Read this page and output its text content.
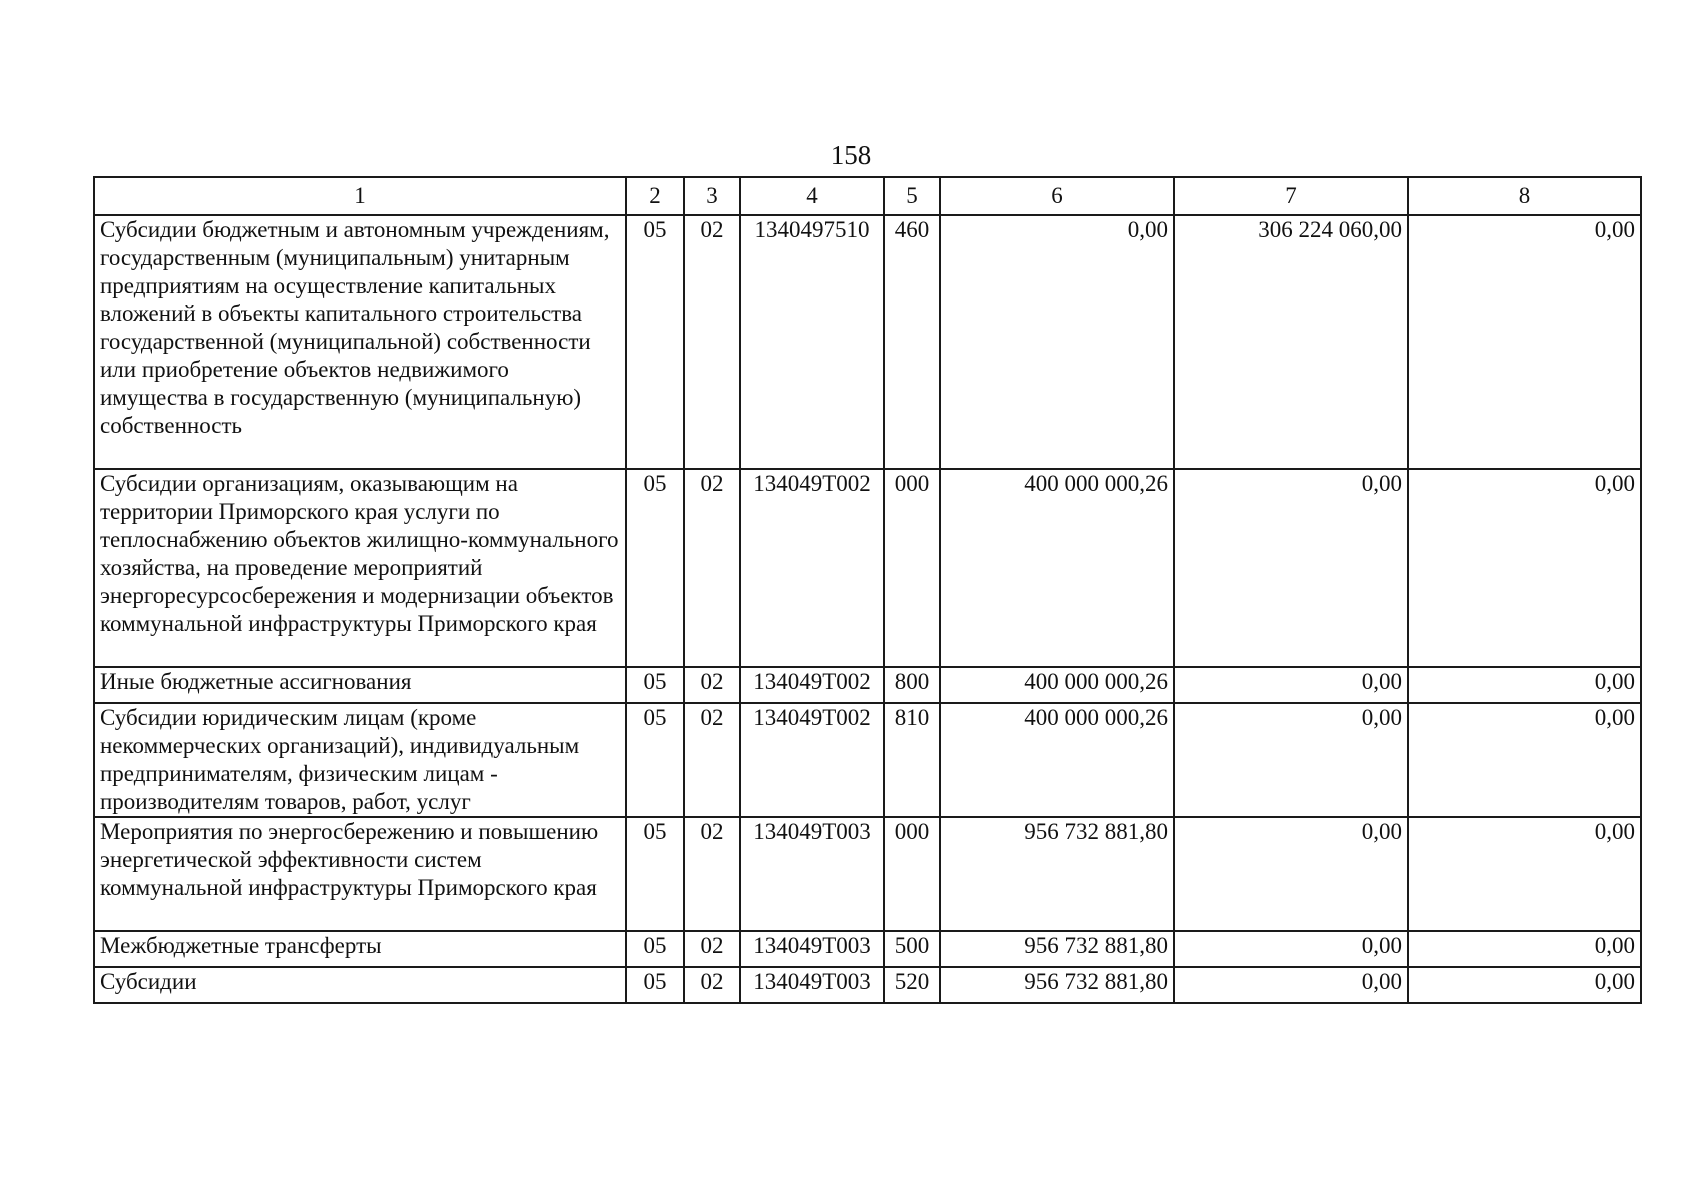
158
1	2	3	4	5	6	7	8
Субсидии бюджетным и автономным учреждениям, государственным (муниципальным) унитарным предприятиям на осуществление капитальных вложений в объекты капитального строительства государственной (муниципальной) собственности или приобретение объектов недвижимого имущества в государственную (муниципальную) собственность	05	02	1340497510	460	0,00	306 224 060,00	0,00
Субсидии организациям, оказывающим на территории Приморского края услуги по теплоснабжению объектов жилищно-коммунального хозяйства, на проведение мероприятий энергоресурсосбережения и модернизации объектов коммунальной инфраструктуры Приморского края	05	02	134049Т002	000	400 000 000,26	0,00	0,00
Иные бюджетные ассигнования	05	02	134049Т002	800	400 000 000,26	0,00	0,00
Субсидии юридическим лицам (кроме некоммерческих организаций), индивидуальным предпринимателям, физическим лицам - производителям товаров, работ, услуг	05	02	134049Т002	810	400 000 000,26	0,00	0,00
Мероприятия по энергосбережению и повышению энергетической эффективности систем коммунальной инфраструктуры Приморского края	05	02	134049Т003	000	956 732 881,80	0,00	0,00
Межбюджетные трансферты	05	02	134049Т003	500	956 732 881,80	0,00	0,00
Субсидии	05	02	134049Т003	520	956 732 881,80	0,00	0,00
